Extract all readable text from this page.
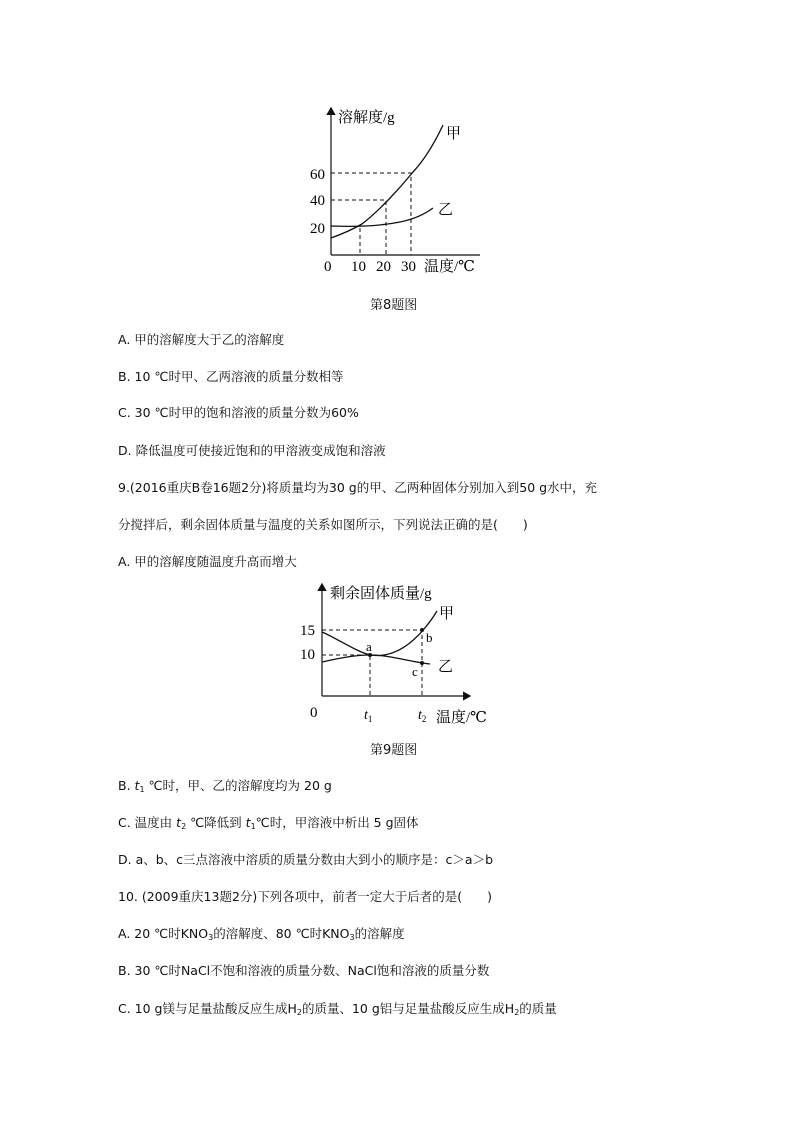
溶解度/g
温度/℃
0
20
40
60
10 20 30
甲
乙
第8题图
A. 甲的溶解度大于乙的溶解度
B. 10 ℃时甲、乙两溶液的质量分数相等
C. 30 ℃时甲的饱和溶液的质量分数为60%
D. 降低温度可使接近饱和的甲溶液变成饱和溶液
9.(2016重庆B卷16题2分)将质量均为30 g的甲、乙两种固体分别加入到50 g水中，充
分搅拌后，剩余固体质量与温度的关系如图所示，下列说法正确的是(　　)
A. 甲的溶解度随温度升高而增大
剩余固体质量/g
温度/℃
0
15
10
$t_1$	$t_2$
a
b
c
甲
乙
第9题图
B. $t_1$ ℃时，甲、乙的溶解度均为 20 g
C. 温度由 $t_2$ ℃降低到 $t_1℃$时，甲溶液中析出 5 g固体
D. a、b、c三点溶液中溶质的质量分数由大到小的顺序是：c＞a＞b
10. (2009重庆13题2分)下列各项中，前者一定大于后者的是(　　)
A. 20 ℃时$KNO_3$的溶解度、80 ℃时$KNO_3$的溶解度
B. 30 ℃时NaCl不饱和溶液的质量分数、NaCl饱和溶液的质量分数
C. 10 g镁与足量盐酸反应生成$H_2$的质量、10 g铝与足量盐酸反应生成$H_2$的质量
